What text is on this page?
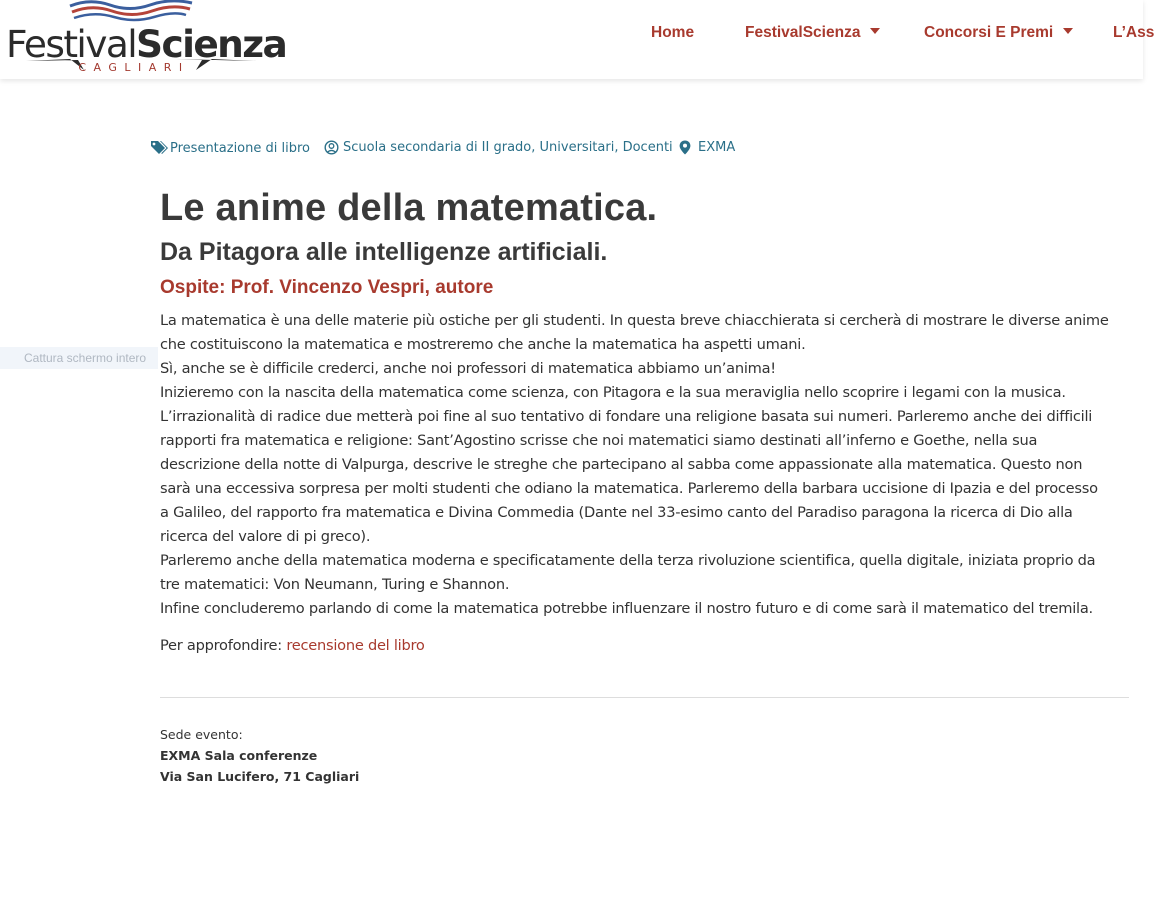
FestivalScienza
CAGLIARI
Home	FestivalScienza	Concorsi E Premi	L’Ass
Cattura schermo intero
Presentazione di libro	Scuola secondaria di II grado, Universitari, Docenti EXMA
Le anime della matematica.
Da Pitagora alle intelligenze artificiali.
Ospite: Prof. Vincenzo Vespri, autore

La matematica è una delle materie più ostiche per gli studenti. In questa breve chiacchierata si cercherà di mostrare le diverse anime

che costituiscono la matematica e mostreremo che anche la matematica ha aspetti umani.

Sì, anche se è difficile crederci, anche noi professori di matematica abbiamo un’anima!

Inizieremo con la nascita della matematica come scienza, con Pitagora e la sua meraviglia nello scoprire i legami con la musica.

L’irrazionalità di radice due metterà poi fine al suo tentativo di fondare una religione basata sui numeri. Parleremo anche dei difficili

rapporti fra matematica e religione: Sant’Agostino scrisse che noi matematici siamo destinati all’inferno e Goethe, nella sua

descrizione della notte di Valpurga, descrive le streghe che partecipano al sabba come appassionate alla matematica. Questo non

sarà una eccessiva sorpresa per molti studenti che odiano la matematica. Parleremo della barbara uccisione di Ipazia e del processo

a Galileo, del rapporto fra matematica e Divina Commedia (Dante nel 33-esimo canto del Paradiso paragona la ricerca di Dio alla

ricerca del valore di pi greco).

Parleremo anche della matematica moderna e specificatamente della terza rivoluzione scientifica, quella digitale, iniziata proprio da

tre matematici: Von Neumann, Turing e Shannon.

Infine concluderemo parlando di come la matematica potrebbe influenzare il nostro futuro e di come sarà il matematico del tremila.

Per approfondire: recensione del libro
Sede evento:
EXMA Sala conferenze
Via San Lucifero, 71 Cagliari
